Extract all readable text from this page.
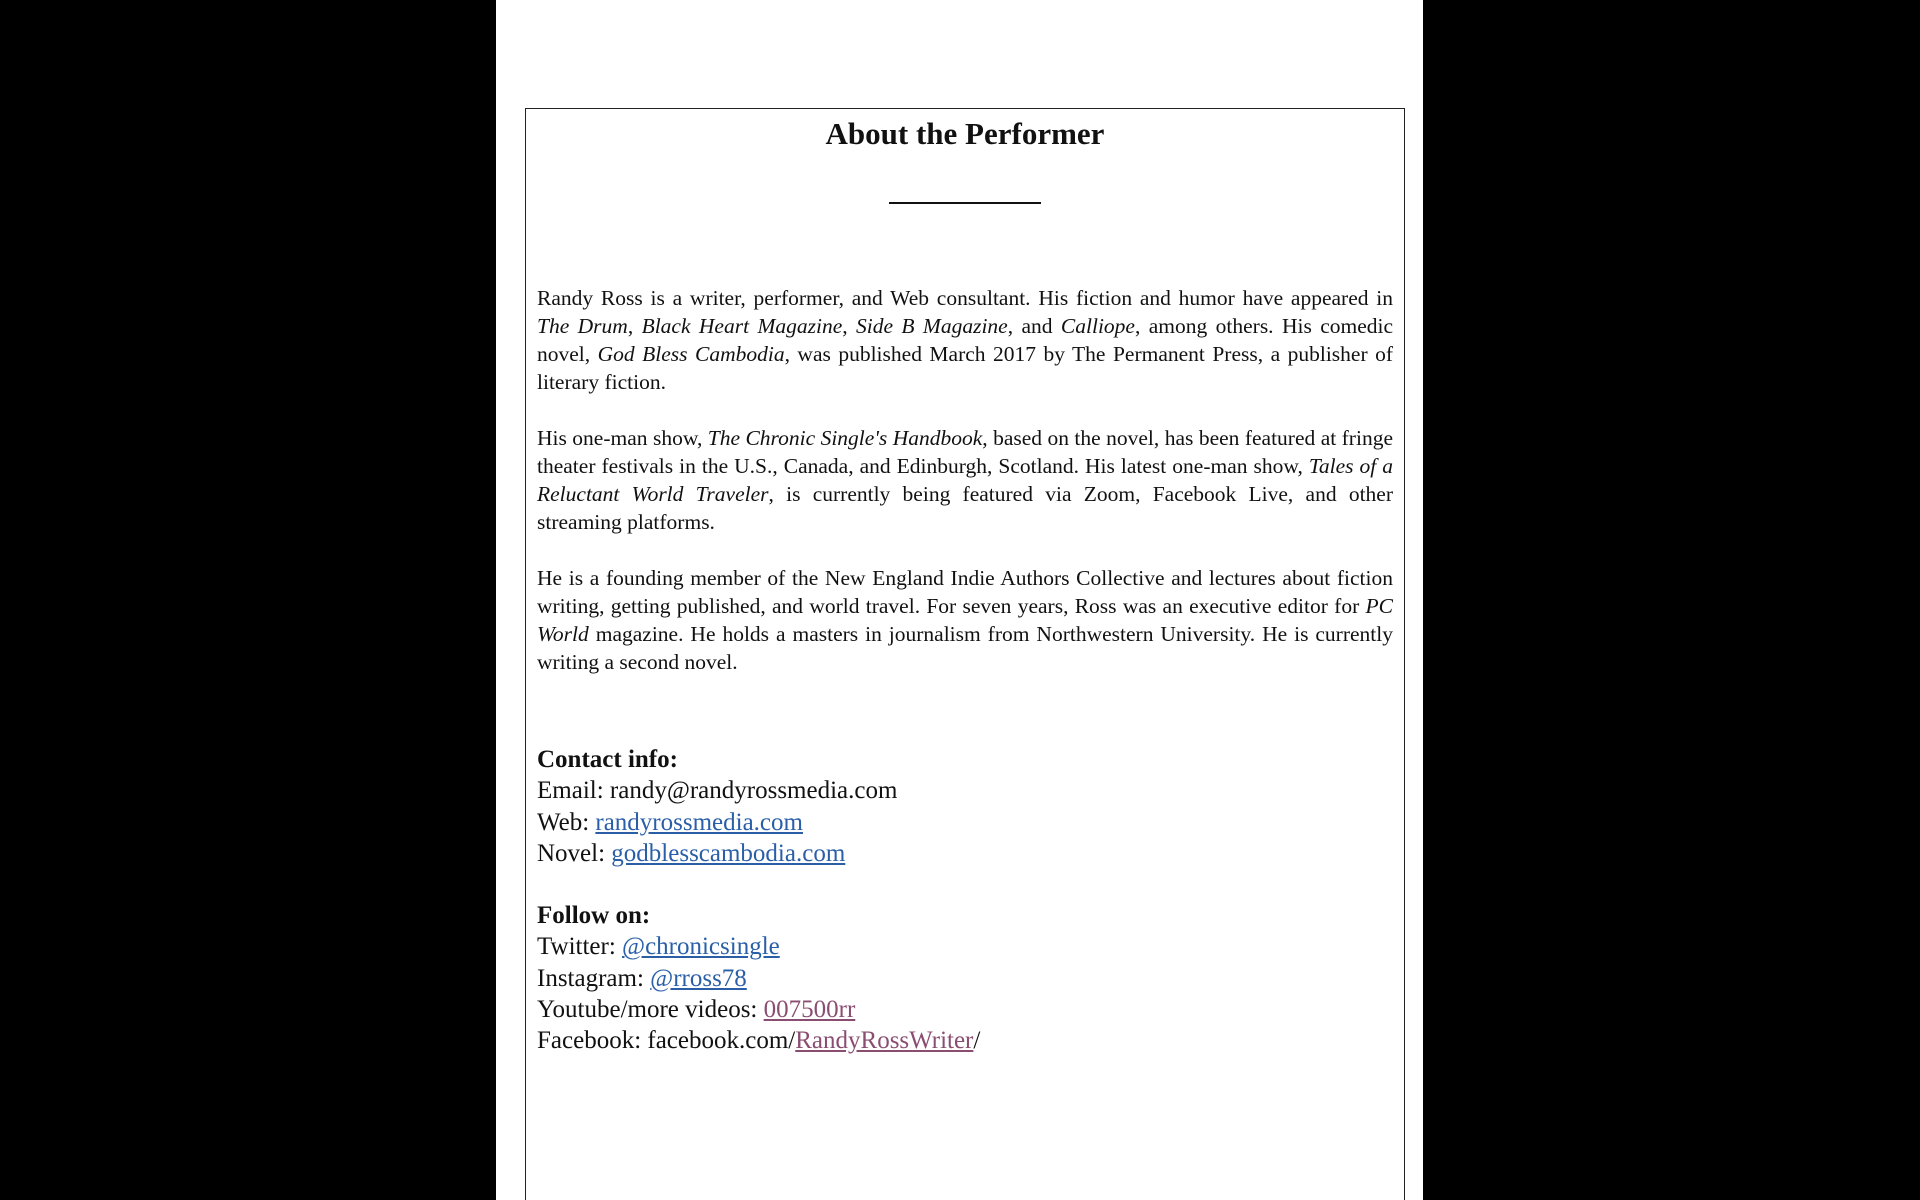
About the Performer

Randy Ross is a writer, performer, and Web consultant. His fiction and humor have appeared in The Drum, Black Heart Magazine, Side B Magazine, and Calliope, among others. His comedic novel, God Bless Cambodia, was published March 2017 by The Permanent Press, a publisher of literary fiction.

His one-man show, The Chronic Single's Handbook, based on the novel, has been featured at fringe theater festivals in the U.S., Canada, and Edinburgh, Scotland. His latest one-man show, Tales of a Reluctant World Traveler, is currently being featured via Zoom, Facebook Live, and other streaming platforms.

He is a founding member of the New England Indie Authors Collective and lectures about fiction writing, getting published, and world travel. For seven years, Ross was an executive editor for PC World magazine. He holds a masters in journalism from Northwestern University. He is currently writing a second novel.

Contact info:
Email: randy@randyrossmedia.com
Web: randyrossmedia.com
Novel: godblesscambodia.com
Follow on:
Twitter: @chronicsingle
Instagram: @rross78
Youtube/more videos: 007500rr
Facebook: facebook.com/RandyRossWriter/
